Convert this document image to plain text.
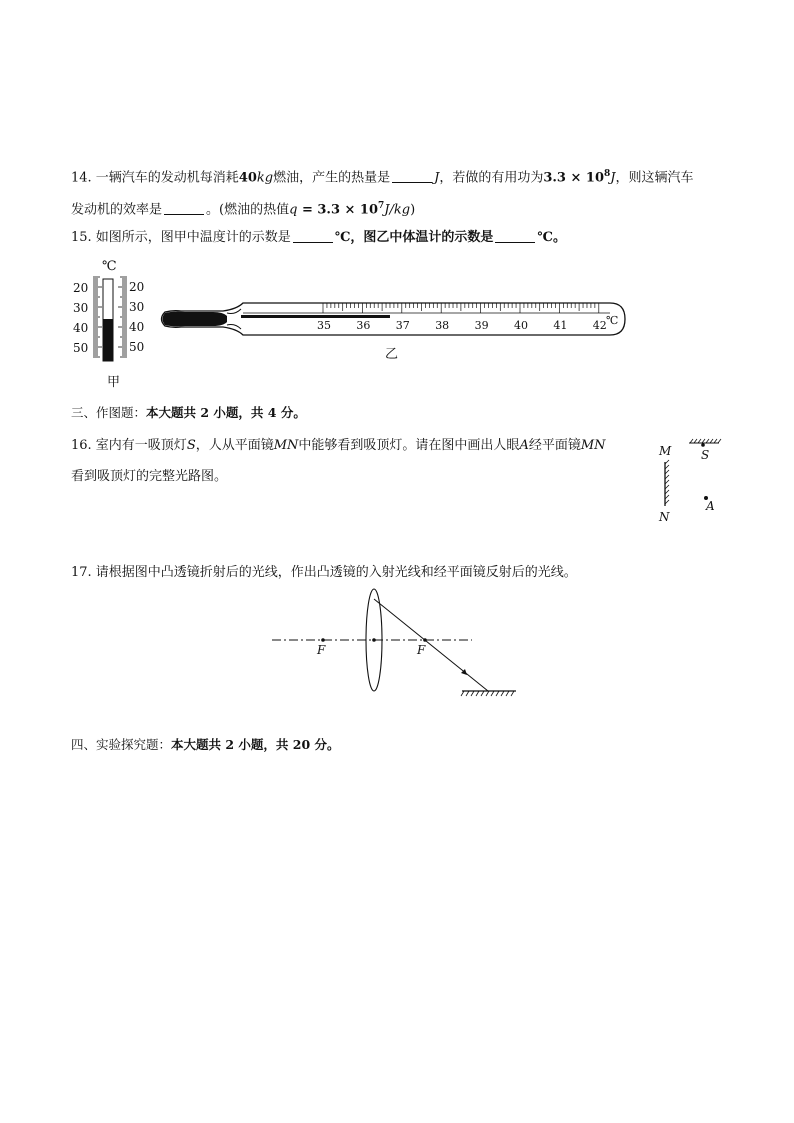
14. 一辆汽车的发动机每消耗40kg燃油，产生的热量是	J，若做的有用功为$3.3 \times 10^8J$，则这辆汽车
发动机的效率是	。(燃油的热值$q = 3.3 \times 10^7J/kg$)
15. 如图所示，图甲中温度计的示数是	℃，图乙中体温计的示数是	℃。
℃
20
30
40
50
20
30
40
50
甲
35 36 37 38 39 40 41 42 ℃
乙
三、作图题：本大题共 2 小题，共 4 分。
16. 室内有一吸顶灯S，人从平面镜MN中能够看到吸顶灯。请在图中画出人眼A经平面镜MN
看到吸顶灯的完整光路图。
M
N
S
A
17. 请根据图中凸透镜折射后的光线，作出凸透镜的入射光线和经平面镜反射后的光线。
F	F
四、实验探究题：本大题共 2 小题，共 20 分。
